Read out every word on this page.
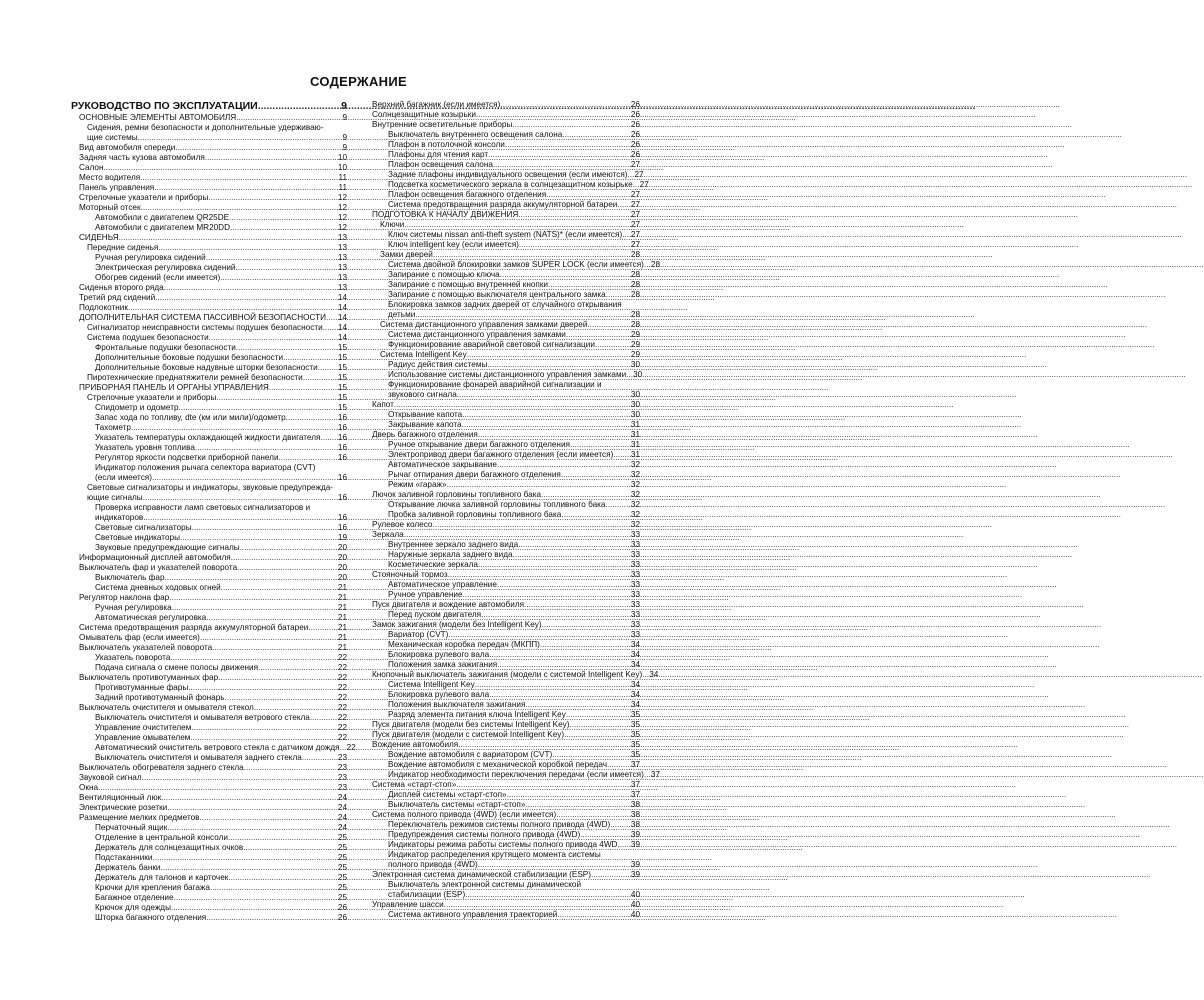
СОДЕРЖАНИЕ
РУКОВОДСТВО ПО ЭКСПЛУАТАЦИИ .....	9
ОСНОВНЫЕ ЭЛЕМЕНТЫ АВТОМОБИЛЯ .....	9
Сидения, ремни безопасности и дополнительные удерживаю-
щие системы .....	9
Вид автомобиля спереди .....	9
Задняя часть кузова автомобиля .....	10
Салон .....	10
Место водителя .....	11
Панель управления .....	11
Стрелочные указатели и приборы .....	12
Моторный отсек .....	12
Автомобили с двигателем QR25DE .....	12
Автомобили с двигателем MR20DD .....	12
СИДЕНЬЯ .....	13
Передние сиденья .....	13
Ручная регулировка сидений .....	13
Электрическая регулировка сидений .....	13
Обогрев сидений (если имеется) .....	13
Сиденья второго ряда .....	13
Третий ряд сидений .....	14
Подлокотник .....	14
ДОПОЛНИТЕЛЬНАЯ СИСТЕМА ПАССИВНОЙ БЕЗОПАСНОСТИ ..... 14
Сигнализатор неисправности системы подушек безопасности ..... 14
Система подушек безопасности .....	14
Фронтальные подушки безопасности .....	15
Дополнительные боковые подушки безопасности .....	15
Дополнительные боковые надувные шторки безопасности ..... 15
Пиротехнические преднатяжители ремней безопасности .....	15
ПРИБОРНАЯ ПАНЕЛЬ И ОРГАНЫ УПРАВЛЕНИЯ .....	15
Стрелочные указатели и приборы .....	15
Спидометр и одометр .....	15
Запас хода по топливу, dte (км или мили)/одометр .....	16
Тахометр .....	16
Указатель температуры охлаждающей жидкости двигателя ..... 16
Указатель уровня топлива .....	16
Регулятор яркости подсветки приборной панели .....	16
Индикатор положения рычага селектора вариатора (CVT)
(если имеется) .....	16
Световые сигнализаторы и индикаторы, звуковые предупреждa-
ющие сигналы .....	16
Проверка исправности ламп световых сигнализаторов и
индикаторов .....	16
Световые сигнализаторы .....	16
Световые индикаторы .....	19
Звуковые предупреждающие сигналы .....	20
Информационный дисплей автомобиля .....	20
Выключатель фар и указателей поворота .....	20
Выключатель фар .....	20
Система дневных ходовых огней .....	21
Регулятор наклона фар .....	21
Ручная регулировка .....	21
Автоматическая регулировка .....	21
Система предотвращения разряда аккумуляторной батареи .....	21
Омыватель фар (если имеется) .....	21
Выключатель указателей поворота .....	21
Указатель поворота .....	22
Подача сигнала о смене полосы движения .....	22
Выключатель противотуманных фар .....	22
Противотуманные фары .....	22
Задний противотуманный фонарь .....	22
Выключатель очистителя и омывателя стекол .....	22
Выключатель очистителя и омывателя ветрового стекла .....	22
Управление очистителем .....	22
Управление омывателем .....	22
Автоматический очиститель ветрового стекла с датчиком дождя ..... 22
Выключатель очистителя и омывателя заднего стекла .....	23
Выключатель обогревателя заднего стекла .....	23
Звуковой сигнал .....	23
Окна .....	23
Вентиляционный люк .....	24
Электрические розетки .....	24
Размещение мелких предметов .....	24
Перчаточный ящик .....	24
Отделение в центральной консоли .....	25
Держатель для солнцезащитных очков .....	25
Подстаканники .....	25
Держатель банки .....	25
Держатель для талонов и карточек .....	25
Крючки для крепления багажа .....	25
Багажное отделение .....	25
Крючок для одежды .....	26
Шторка багажного отделения .....	26
Верхний багажник (если имеется) .....	26
Солнцезащитные козырьки .....	26
Внутренние осветительные приборы .....	26
Выключатель внутреннего освещения салона .....	26
Плафон в потолочной консоли .....	26
Плафоны для чтения карт .....	26
Плафон освещения салона .....	27
Задние плафоны индивидуального освещения (если имеются) ..... 27
Подсветка косметического зеркала в солнцезащитном козырьке ..... 27
Плафон освещения багажного отделения .....	27
Система предотвращения разряда аккумуляторной батареи ..... 27
ПОДГОТОВКА К НАЧАЛУ ДВИЖЕНИЯ .....	27
Ключи .....	27
Ключ системы nissan anti-theft system (NATS)* (если имеется) ..... 27
Ключ intelligent key (если имеется) .....	27
Замки дверей .....	28
Система двойной блокировки замков SUPER LOCK (если имеется) ..... 28
Запирание с помощью ключа .....	28
Запирание с помощью внутренней кнопки .....	28
Запирание с помощью выключателя центрального замка .....	28
Блокировка замков задних дверей от случайного открывания
детьми .....	28
Система дистанционного управления замками дверей .....	28
Система дистанционного управления замками .....	29
Функционирование аварийной световой сигнализации .....	29
Система Intelligent Key .....	29
Радиус действия системы .....	30
Использование системы дистанционного управления замками ..... 30
Функционирование фонарей аварийной сигнализации и
звукового сигнала .....	30
Капот .....	30
Открывание капота .....	30
Закрывание капота .....	31
Дверь багажного отделения .....	31
Ручное открывание двери багажного отделения .....	31
Электропривод двери багажного отделения (если имеется) ..... 31
Автоматическое закрывание .....	32
Рычаг отпирания двери багажного отделения .....	32
Режим «гараж» .....	32
Лючок заливной горловины топливного бака .....	32
Открывание лючка заливной горловины топливного бака .....	32
Пробка заливной горловины топливного бака .....	32
Рулевое колесо .....	32
Зеркала .....	33
Внутреннее зеркало заднего вида .....	33
Наружные зеркала заднего вида .....	33
Косметические зеркала .....	33
Стояночный тормоз .....	33
Автоматическое управление .....	33
Ручное управление .....	33
Пуск двигателя и вождение автомобиля .....	33
Перед пуском двигателя .....	33
Замок зажигания (модели без Intelligent Key) .....	33
Вариатор (CVT) .....	33
Механическая коробка передач (МКПП) .....	34
Блокировка рулевого вала .....	34
Положения замка зажигания .....	34
Кнопочный выключатель зажигания (модели с системой Intelligent Key) ..... 34
Система Intelligent Key .....	34
Блокировка рулевого вала .....	34
Положения выключателя зажигания .....	34
Разряд элемента питания ключа Intelligent Key .....	35
Пуск двигателя (модели без системы Intelligent Key) .....	35
Пуск двигателя (модели с системой Intelligent Key) .....	35
Вождение автомобиля .....	35
Вождение автомобиля с вариатором (CVT) .....	35
Вождение автомобиля с механической коробкой передач .....	37
Индикатор необходимости переключения передачи (если имеется) ..... 37
Система «старт-стоп» .....	37
Дисплей системы «старт-стоп» .....	37
Выключатель системы «старт-стоп» .....	38
Система полного привода (4WD) (если имеется) .....	38
Переключатель режимов системы полного привода (4WD) .....	38
Предупреждения системы полного привода (4WD) .....	39
Индикаторы режима работы системы полного привода 4WD ..... 39
Индикатор распределения крутящего момента системы
полного привода (4WD) .....	39
Электронная система динамической стабилизации (ESP) .....	39
Выключатель электронной системы динамической
стабилизации (ESP) .....	40
Управление шасси .....	40
Система активного управления траекторией .....	40
